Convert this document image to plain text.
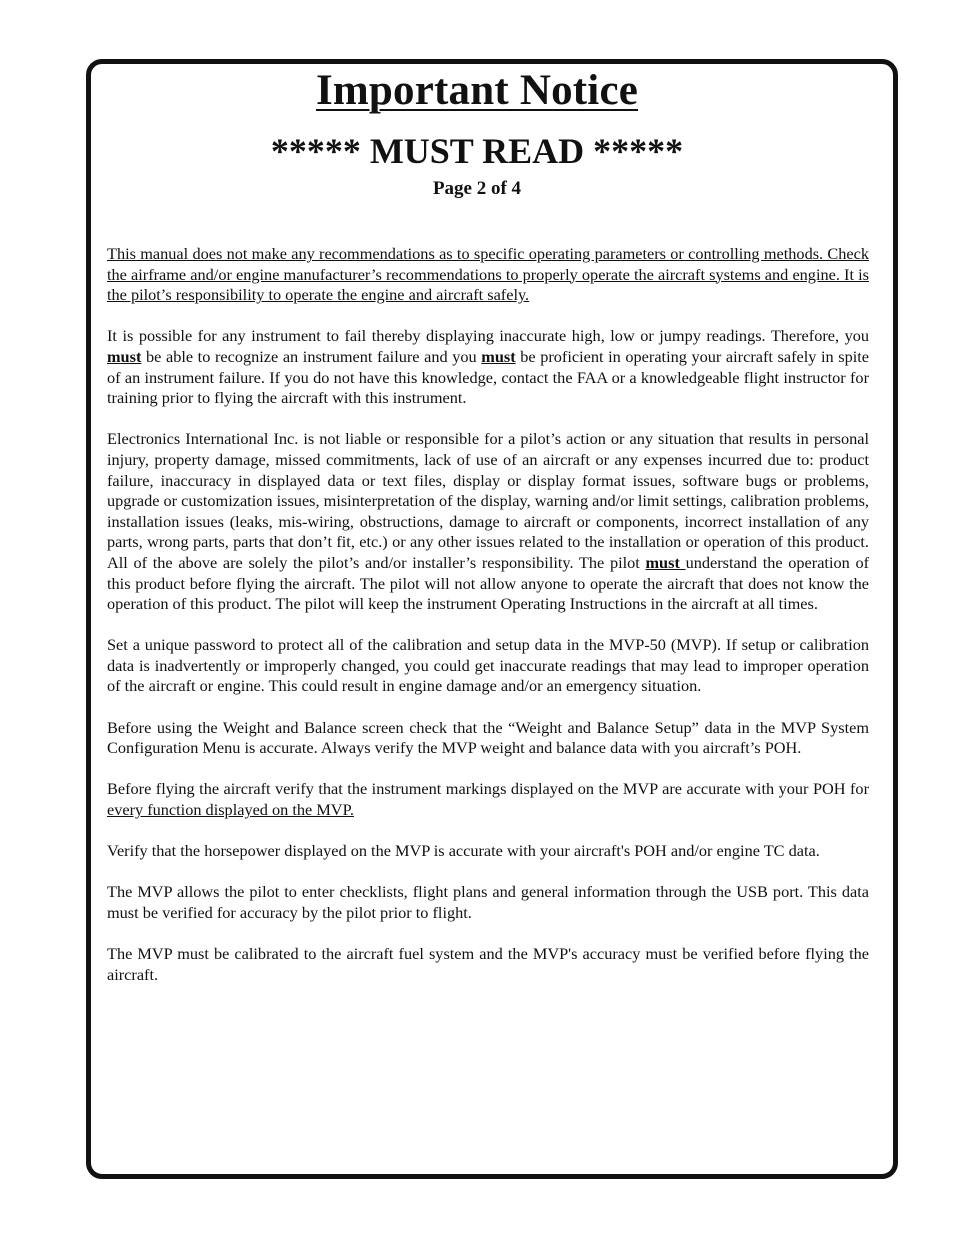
Important Notice
***** MUST READ *****
Page 2 of 4

This manual does not make any recommendations as to specific operating parameters or controlling methods. Check the airframe and/or engine manufacturer’s recommendations to properly operate the aircraft systems and engine. It is the pilot’s responsibility to operate the engine and aircraft safely.

It is possible for any instrument to fail thereby displaying inaccurate high, low or jumpy readings. Therefore, you must be able to recognize an instrument failure and you must be proficient in operating your aircraft safely in spite of an instrument failure. If you do not have this knowledge, contact the FAA or a knowledgeable flight instructor for training prior to flying the aircraft with this instrument.

Electronics International Inc. is not liable or responsible for a pilot’s action or any situation that results in personal injury, property damage, missed commitments, lack of use of an aircraft or any expenses incurred due to: product failure, inaccuracy in displayed data or text files, display or display format issues, software bugs or problems, upgrade or customization issues, misinterpretation of the display, warning and/or limit settings, calibration problems, installation issues (leaks, mis-wiring, obstructions, damage to aircraft or components, incorrect installation of any parts, wrong parts, parts that don’t fit, etc.) or any other issues related to the installation or operation of this product. All of the above are solely the pilot’s and/or installer’s responsibility. The pilot must understand the operation of this product before flying the aircraft. The pilot will not allow anyone to operate the aircraft that does not know the operation of this product. The pilot will keep the instrument Operating Instructions in the aircraft at all times.

Set a unique password to protect all of the calibration and setup data in the MVP-50 (MVP). If setup or calibration data is inadvertently or improperly changed, you could get inaccurate readings that may lead to improper operation of the aircraft or engine. This could result in engine damage and/or an emergency situation.

Before using the Weight and Balance screen check that the “Weight and Balance Setup” data in the MVP System Configuration Menu is accurate. Always verify the MVP weight and balance data with you aircraft’s POH.

Before flying the aircraft verify that the instrument markings displayed on the MVP are accurate with your POH for every function displayed on the MVP.

Verify that the horsepower displayed on the MVP is accurate with your aircraft's POH and/or engine TC data.

The MVP allows the pilot to enter checklists, flight plans and general information through the USB port. This data must be verified for accuracy by the pilot prior to flight.

The MVP must be calibrated to the aircraft fuel system and the MVP's accuracy must be verified before flying the aircraft.
